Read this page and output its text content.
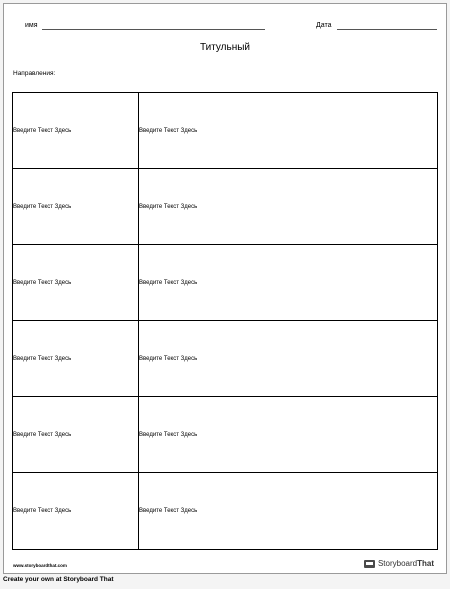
имя	Дата
Титульный
Направления:
Введите Текст Здесь	Введите Текст Здесь
Введите Текст Здесь	Введите Текст Здесь
Введите Текст Здесь	Введите Текст Здесь
Введите Текст Здесь	Введите Текст Здесь
Введите Текст Здесь	Введите Текст Здесь
Введите Текст Здесь	Введите Текст Здесь
www.storyboardthat.com	StoryboardThat
Create your own at Storyboard That
